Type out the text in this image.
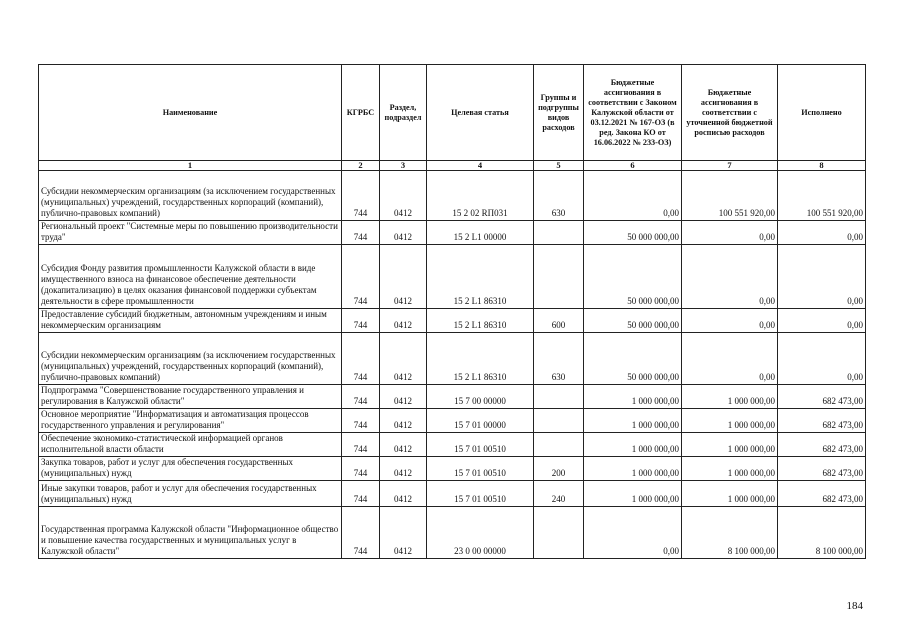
Наименование	КГРБС	Раздел, подраздел	Целевая статья	Группы и подгруппы видов расходов	Бюджетные ассигнования в соответствии с Законом Калужской области от 03.12.2021 № 167-ОЗ (в ред. Закона КО от 16.06.2022 № 233-ОЗ)	Бюджетные ассигнования в соответствии с уточненной бюджетной росписью расходов	Исполнено
1	2	3	4	5	6	7	8
Субсидии некоммерческим организациям (за исключением государственных (муниципальных) учреждений, государственных корпораций (компаний), публично-правовых компаний)	744	0412	15 2 02 RП031	630	0,00	100 551 920,00	100 551 920,00
Региональный проект "Системные меры по повышению производительности труда"	744	0412	15 2 L1 00000		50 000 000,00	0,00	0,00
Субсидия Фонду развития промышленности Калужской области в виде имущественного взноса на финансовое обеспечение деятельности (докапитализацию) в целях оказания финансовой поддержки субъектам деятельности в сфере промышленности	744	0412	15 2 L1 86310		50 000 000,00	0,00	0,00
Предоставление субсидий бюджетным, автономным учреждениям и иным некоммерческим организациям	744	0412	15 2 L1 86310	600	50 000 000,00	0,00	0,00
Субсидии некоммерческим организациям (за исключением государственных (муниципальных) учреждений, государственных корпораций (компаний), публично-правовых компаний)	744	0412	15 2 L1 86310	630	50 000 000,00	0,00	0,00
Подпрограмма "Совершенствование государственного управления и регулирования в Калужской области"	744	0412	15 7 00 00000		1 000 000,00	1 000 000,00	682 473,00
Основное мероприятие "Информатизация и автоматизация процессов государственного управления и регулирования"	744	0412	15 7 01 00000		1 000 000,00	1 000 000,00	682 473,00
Обеспечение экономико-статистической информацией органов исполнительной власти области	744	0412	15 7 01 00510		1 000 000,00	1 000 000,00	682 473,00
Закупка товаров, работ и услуг для обеспечения государственных (муниципальных) нужд	744	0412	15 7 01 00510	200	1 000 000,00	1 000 000,00	682 473,00
Иные закупки товаров, работ и услуг для обеспечения государственных (муниципальных) нужд	744	0412	15 7 01 00510	240	1 000 000,00	1 000 000,00	682 473,00
Государственная программа Калужской области "Информационное общество и повышение качества государственных и муниципальных услуг в Калужской области"	744	0412	23 0 00 00000		0,00	8 100 000,00	8 100 000,00
184
